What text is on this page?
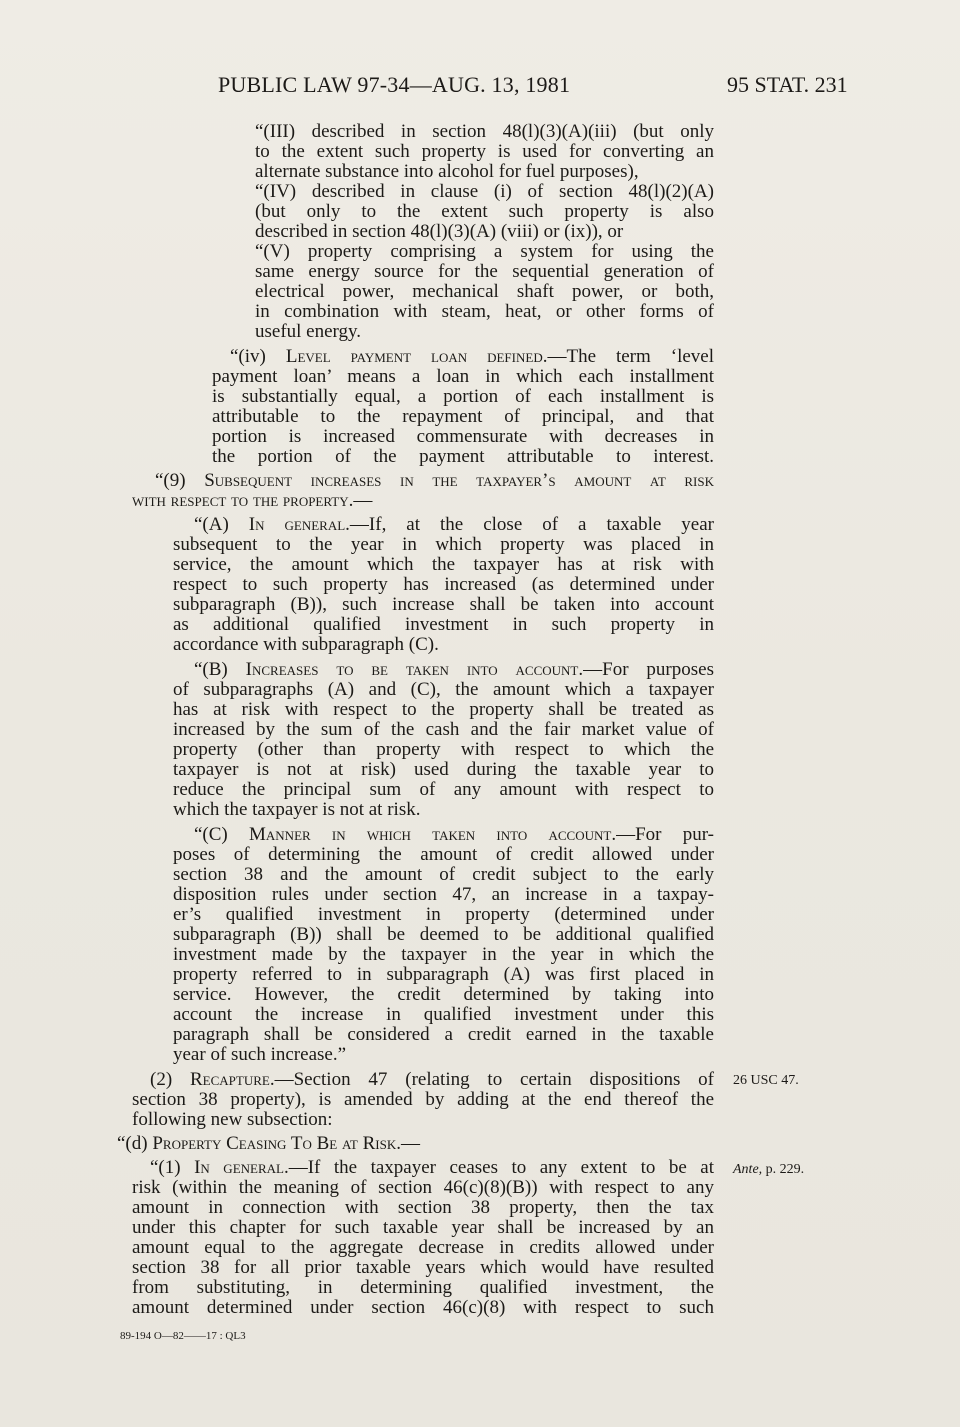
PUBLIC LAW 97-34—AUG. 13, 1981	95 STAT. 231
“(III) described in section 48(l)(3)(A)(iii) (but only
to the extent such property is used for converting an
alternate substance into alcohol for fuel purposes),
“(IV) described in clause (i) of section 48(l)(2)(A)
(but only to the extent such property is also
described in section 48(l)(3)(A) (viii) or (ix)), or
“(V) property comprising a system for using the
same energy source for the sequential generation of
electrical power, mechanical shaft power, or both,
in combination with steam, heat, or other forms of
useful energy.
“(iv) Level payment loan defined.—The term ‘level
payment loan’ means a loan in which each installment
is substantially equal, a portion of each installment is
attributable to the repayment of principal, and that
portion is increased commensurate with decreases in
the portion of the payment attributable to interest.
“(9) Subsequent increases in the taxpayer’s amount at risk
with respect to the property.—
“(A) In general.—If, at the close of a taxable year
subsequent to the year in which property was placed in
service, the amount which the taxpayer has at risk with
respect to such property has increased (as determined under
subparagraph (B)), such increase shall be taken into account
as additional qualified investment in such property in
accordance with subparagraph (C).
“(B) Increases to be taken into account.—For purposes
of subparagraphs (A) and (C), the amount which a taxpayer
has at risk with respect to the property shall be treated as
increased by the sum of the cash and the fair market value of
property (other than property with respect to which the
taxpayer is not at risk) used during the taxable year to
reduce the principal sum of any amount with respect to
which the taxpayer is not at risk.
“(C) Manner in which taken into account.—For pur-
poses of determining the amount of credit allowed under
section 38 and the amount of credit subject to the early
disposition rules under section 47, an increase in a taxpay-
er’s qualified investment in property (determined under
subparagraph (B)) shall be deemed to be additional qualified
investment made by the taxpayer in the year in which the
property referred to in subparagraph (A) was first placed in
service. However, the credit determined by taking into
account the increase in qualified investment under this
paragraph shall be considered a credit earned in the taxable
year of such increase.”
(2) Recapture.—Section 47 (relating to certain dispositions of
section 38 property), is amended by adding at the end thereof the
following new subsection:
“(d) Property Ceasing To Be at Risk.—
“(1) In general.—If the taxpayer ceases to any extent to be at
risk (within the meaning of section 46(c)(8)(B)) with respect to any
amount in connection with section 38 property, then the tax
under this chapter for such taxable year shall be increased by an
amount equal to the aggregate decrease in credits allowed under
section 38 for all prior taxable years which would have resulted
from substituting, in determining qualified investment, the
amount determined under section 46(c)(8) with respect to such
26 USC 47.
Ante, p. 229.
89-194 O—82——17 : QL3
